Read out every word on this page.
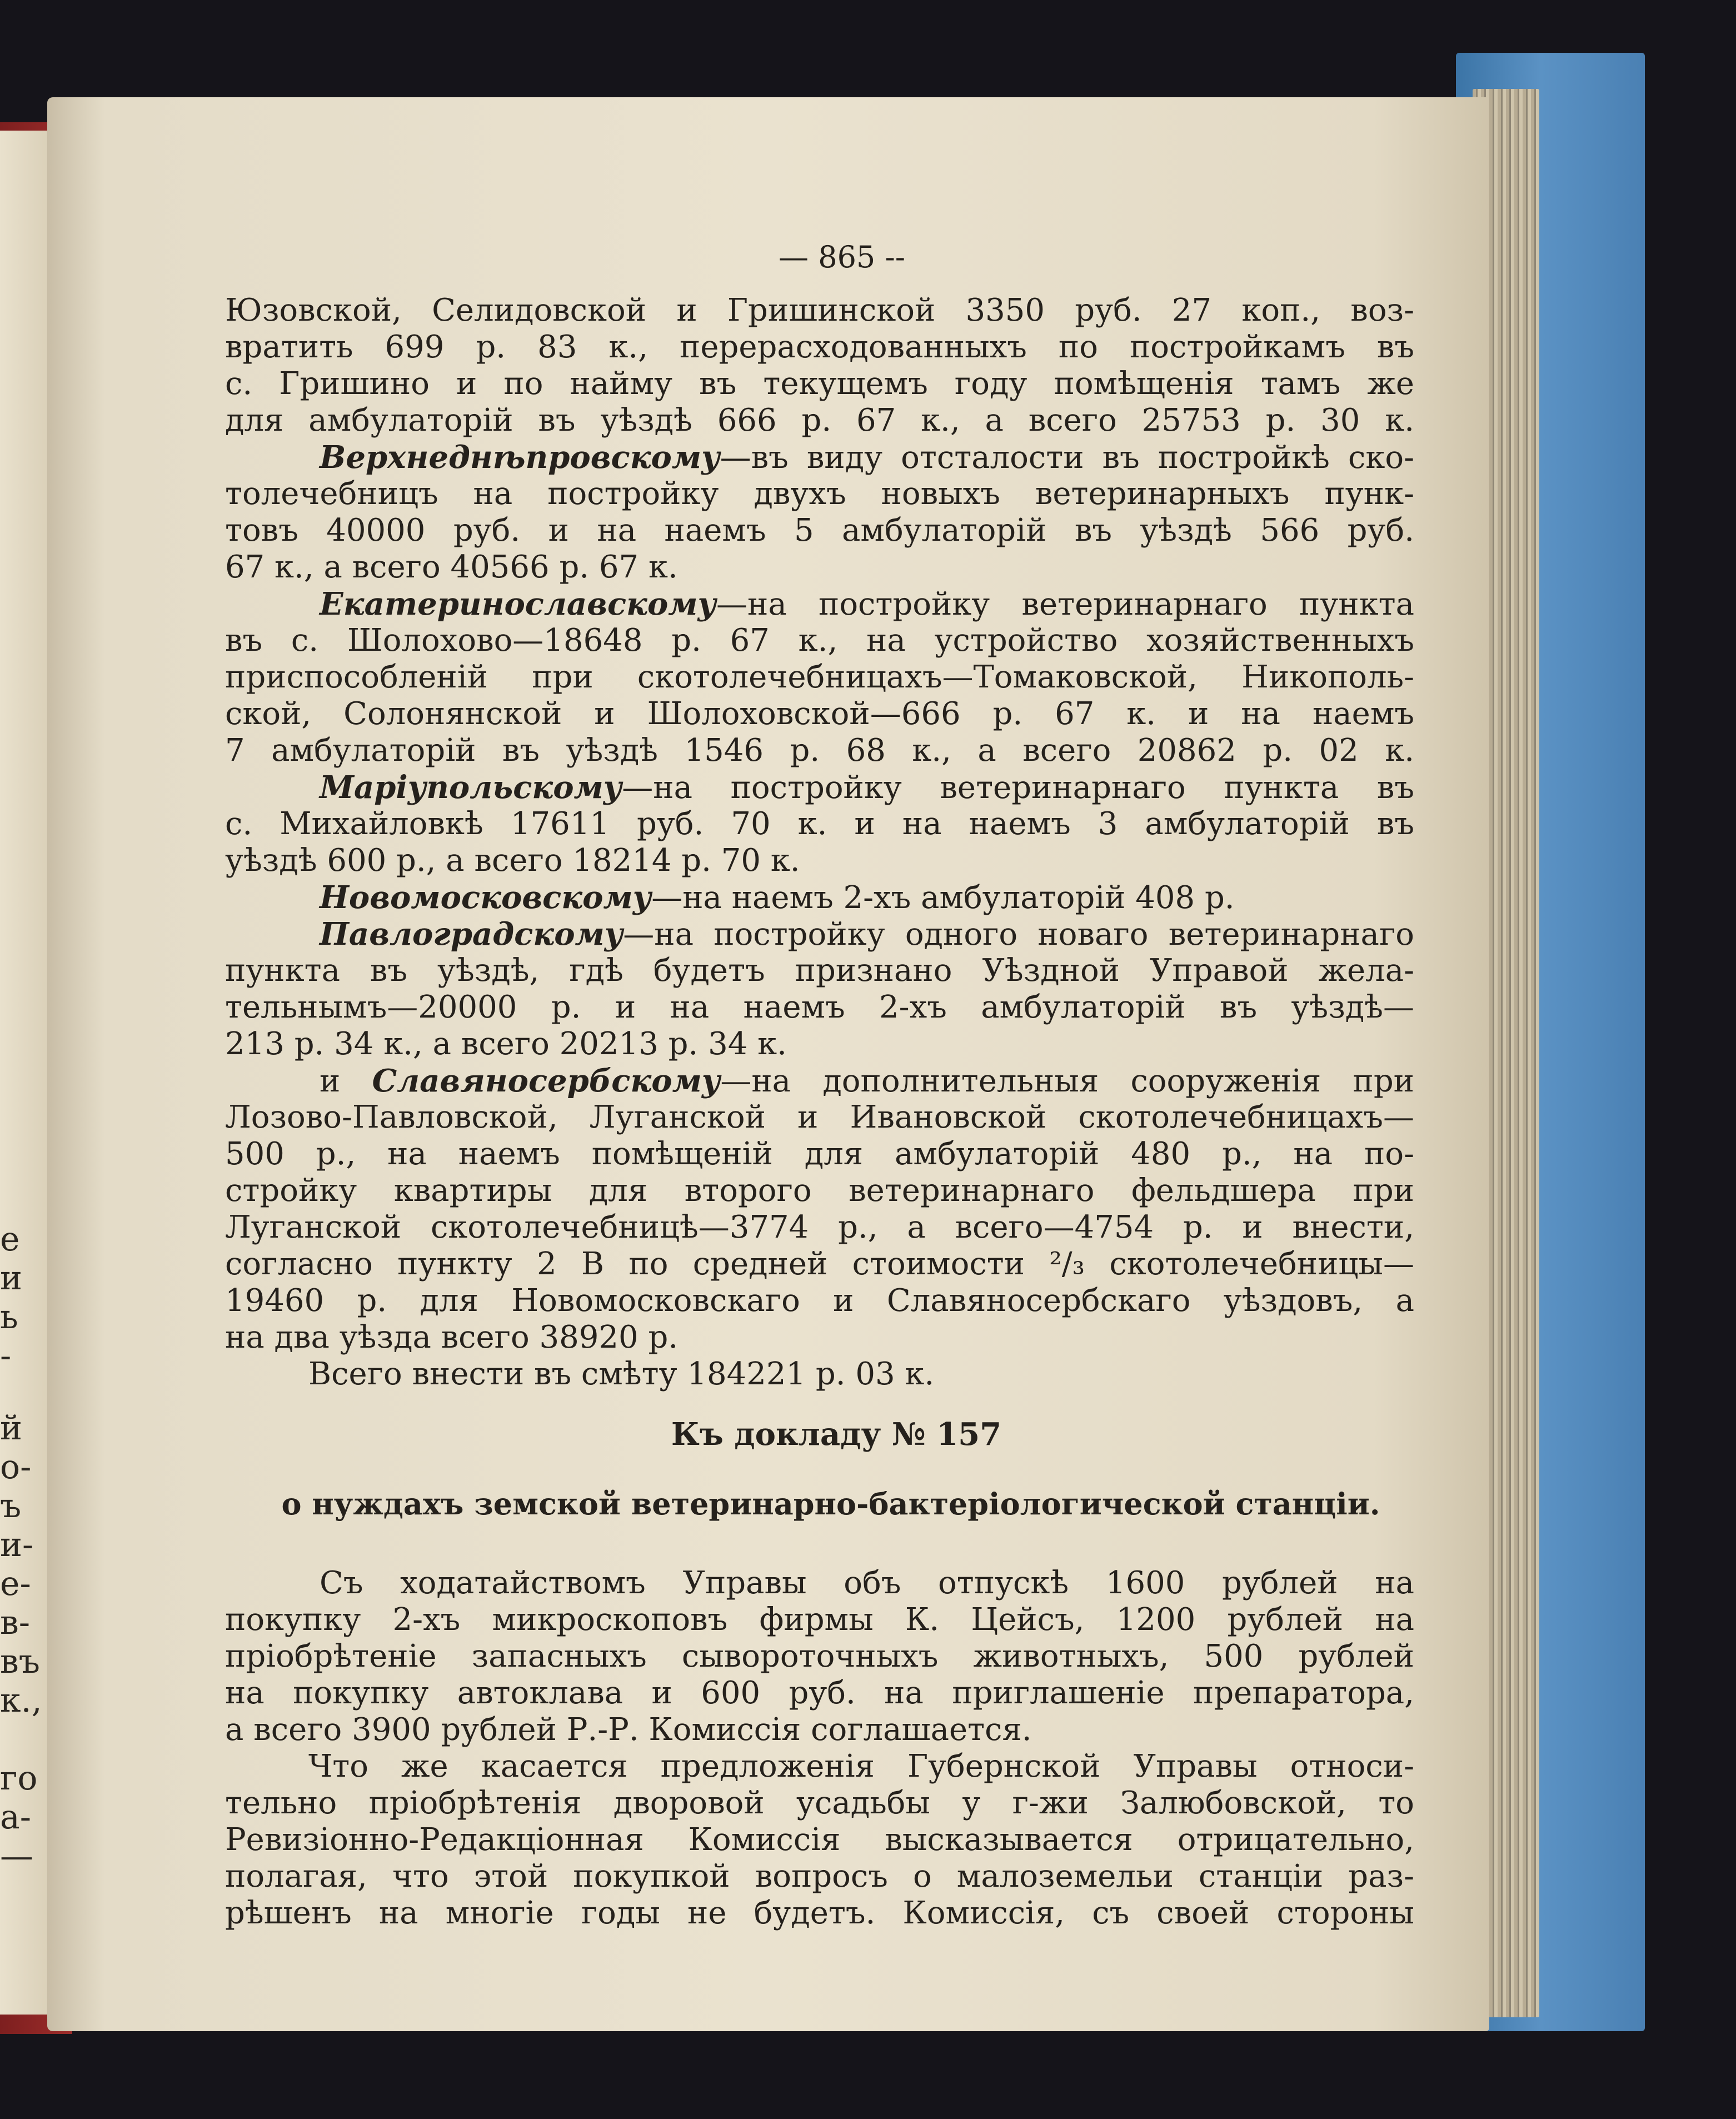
е
и
ь
-
й
о-
ъ
и-
е-
в-
въ
к.,
го
а-
—
— 865 --
Юзовской, Селидовской и Гришинской 3350 руб. 27 коп., воз-
вратить 699 р. 83 к., перерасходованныхъ по постройкамъ въ
с. Гришино и по найму въ текущемъ году помѣщенія тамъ же
для амбулаторій въ уѣздѣ 666 р. 67 к., а всего 25753 р. 30 к.
Верхнеднѣпровскому—въ виду отсталости въ постройкѣ ско-
толечебницъ на постройку двухъ новыхъ ветеринарныхъ пунк-
товъ 40000 руб. и на наемъ 5 амбулаторій въ уѣздѣ 566 руб.
67 к., а всего 40566 р. 67 к.
Екатеринославскому—на постройку ветеринарнаго пункта
въ с. Шолохово—18648 р. 67 к., на устройство хозяйственныхъ
приспособленій при скотолечебницахъ—Томаковской, Никополь-
ской, Солонянской и Шолоховской—666 р. 67 к. и на наемъ
7 амбулаторій въ уѣздѣ 1546 р. 68 к., а всего 20862 р. 02 к.
Маріупольскому—на постройку ветеринарнаго пункта въ
с. Михайловкѣ 17611 руб. 70 к. и на наемъ 3 амбулаторій въ
уѣздѣ 600 р., а всего 18214 р. 70 к.
Новомосковскому—на наемъ 2-хъ амбулаторій 408 р.
Павлоградскому—на постройку одного новаго ветеринарнаго
пункта въ уѣздѣ, гдѣ будетъ признано Уѣздной Управой жела-
тельнымъ—20000 р. и на наемъ 2-хъ амбулаторій въ уѣздѣ—
213 р. 34 к., а всего 20213 р. 34 к.
и Славяносербскому—на дополнительныя сооруженія при
Лозово-Павловской, Луганской и Ивановской скотолечебницахъ—
500 р., на наемъ помѣщеній для амбулаторій 480 р., на по-
стройку квартиры для второго ветеринарнаго фельдшера при
Луганской скотолечебницѣ—3774 р., а всего—4754 р. и внести,
согласно пункту 2 В по средней стоимости ²/₃ скотолечебницы—
19460 р. для Новомосковскаго и Славяносербскаго уѣздовъ, а
на два уѣзда всего 38920 р.
Всего внести въ смѣту 184221 р. 03 к.
Къ докладу № 157
о нуждахъ земской ветеринарно-бактеріологической станціи.
Съ ходатайствомъ Управы объ отпускѣ 1600 рублей на
покупку 2-хъ микроскоповъ фирмы К. Цейсъ, 1200 рублей на
пріобрѣтеніе запасныхъ сывороточныхъ животныхъ, 500 рублей
на покупку автоклава и 600 руб. на приглашеніе препаратора,
а всего 3900 рублей Р.-Р. Комиссія соглашается.
Что же касается предложенія Губернской Управы относи-
тельно пріобрѣтенія дворовой усадьбы у г-жи Залюбовской, то
Ревизіонно-Редакціонная Комиссія высказывается отрицательно,
полагая, что этой покупкой вопросъ о малоземельи станціи раз-
рѣшенъ на многіе годы не будетъ. Комиссія, съ своей стороны
